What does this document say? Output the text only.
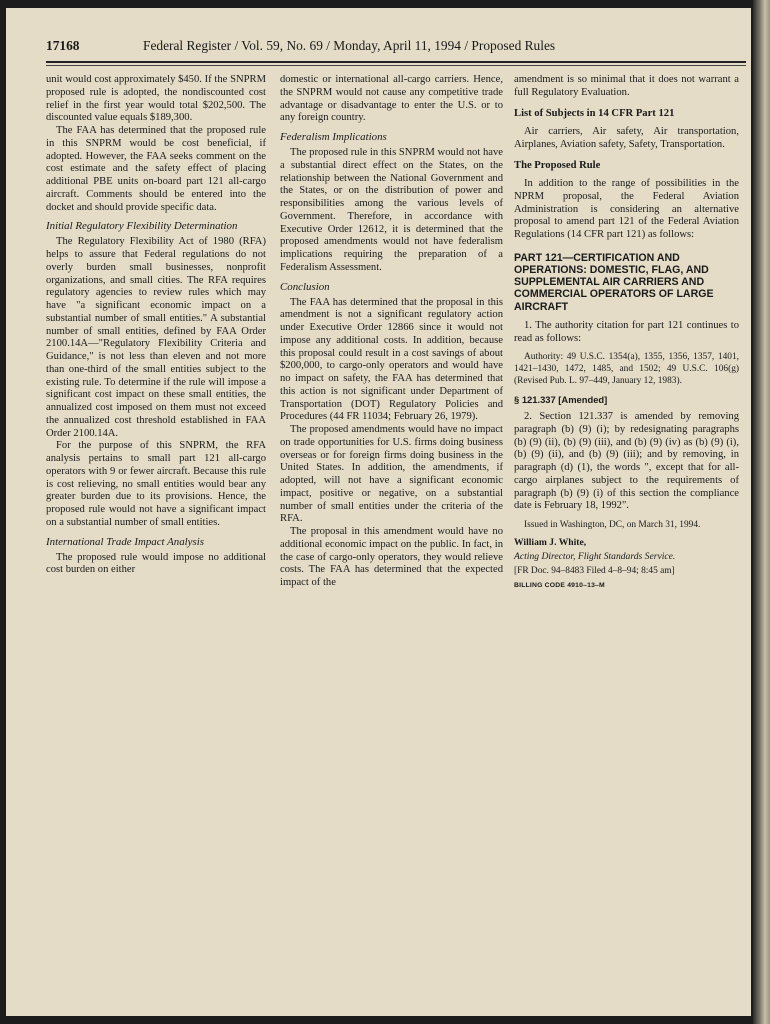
17168	Federal Register / Vol. 59, No. 69 / Monday, April 11, 1994 / Proposed Rules

unit would cost approximately $450. If the SNPRM proposed rule is adopted, the nondiscounted cost relief in the first year would total $202,500. The discounted value equals $189,300.

The FAA has determined that the proposed rule in this SNPRM would be cost beneficial, if adopted. However, the FAA seeks comment on the cost estimate and the safety effect of placing additional PBE units on-board part 121 all-cargo aircraft. Comments should be entered into the docket and should provide specific data.

Initial Regulatory Flexibility Determination

The Regulatory Flexibility Act of 1980 (RFA) helps to assure that Federal regulations do not overly burden small businesses, nonprofit organizations, and small cities. The RFA requires regulatory agencies to review rules which may have "a significant economic impact on a substantial number of small entities." A substantial number of small entities, defined by FAA Order 2100.14A—"Regulatory Flexibility Criteria and Guidance," is not less than eleven and not more than one-third of the small entities subject to the existing rule. To determine if the rule will impose a significant cost impact on these small entities, the annualized cost imposed on them must not exceed the annualized cost threshold established in FAA Order 2100.14A.

For the purpose of this SNPRM, the RFA analysis pertains to small part 121 all-cargo operators with 9 or fewer aircraft. Because this rule is cost relieving, no small entities would bear any greater burden due to its provisions. Hence, the proposed rule would not have a significant impact on a substantial number of small entities.

International Trade Impact Analysis

The proposed rule would impose no additional cost burden on either

domestic or international all-cargo carriers. Hence, the SNPRM would not cause any competitive trade advantage or disadvantage to enter the U.S. or to any foreign country.

Federalism Implications

The proposed rule in this SNPRM would not have a substantial direct effect on the States, on the relationship between the National Government and the States, or on the distribution of power and responsibilities among the various levels of Government. Therefore, in accordance with Executive Order 12612, it is determined that the proposed amendments would not have federalism implications requiring the preparation of a Federalism Assessment.

Conclusion

The FAA has determined that the proposal in this amendment is not a significant regulatory action under Executive Order 12866 since it would not impose any additional costs. In addition, because this proposal could result in a cost savings of about $200,000, to cargo-only operators and would have no impact on safety, the FAA has determined that this action is not significant under Department of Transportation (DOT) Regulatory Policies and Procedures (44 FR 11034; February 26, 1979).

The proposed amendments would have no impact on trade opportunities for U.S. firms doing business overseas or for foreign firms doing business in the United States. In addition, the amendments, if adopted, will not have a significant economic impact, positive or negative, on a substantial number of small entities under the criteria of the RFA.

The proposal in this amendment would have no additional economic impact on the public. In fact, in the case of cargo-only operators, they would relieve costs. The FAA has determined that the expected impact of the

amendment is so minimal that it does not warrant a full Regulatory Evaluation.

List of Subjects in 14 CFR Part 121

Air carriers, Air safety, Air transportation, Airplanes, Aviation safety, Safety, Transportation.

The Proposed Rule

In addition to the range of possibilities in the NPRM proposal, the Federal Aviation Administration is considering an alternative proposal to amend part 121 of the Federal Aviation Regulations (14 CFR part 121) as follows:

PART 121—CERTIFICATION AND OPERATIONS: DOMESTIC, FLAG, AND SUPPLEMENTAL AIR CARRIERS AND COMMERCIAL OPERATORS OF LARGE AIRCRAFT

1. The authority citation for part 121 continues to read as follows:

Authority: 49 U.S.C. 1354(a), 1355, 1356, 1357, 1401, 1421–1430, 1472, 1485, and 1502; 49 U.S.C. 106(g) (Revised Pub. L. 97–449, January 12, 1983).

§ 121.337 [Amended]

2. Section 121.337 is amended by removing paragraph (b) (9) (i); by redesignating paragraphs (b) (9) (ii), (b) (9) (iii), and (b) (9) (iv) as (b) (9) (i), (b) (9) (ii), and (b) (9) (iii); and by removing, in paragraph (d) (1), the words ", except that for all-cargo airplanes subject to the requirements of paragraph (b) (9) (i) of this section the compliance date is February 18, 1992".

Issued in Washington, DC, on March 31, 1994.

William J. White,

Acting Director, Flight Standards Service.

[FR Doc. 94–8483 Filed 4–8–94; 8:45 am]

BILLING CODE 4910–13–M
